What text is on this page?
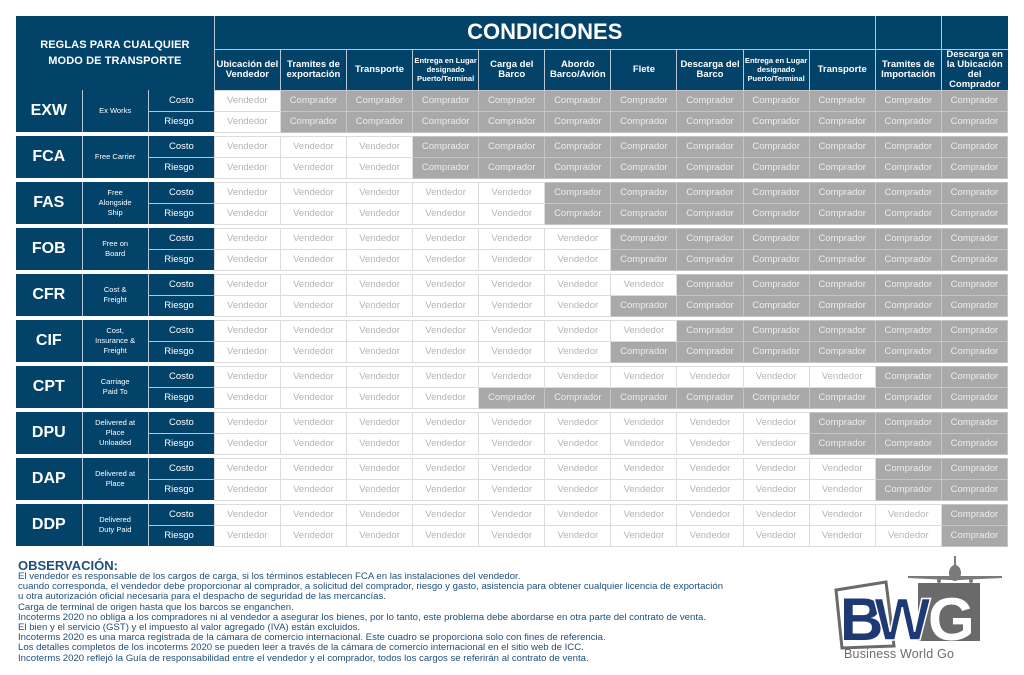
REGLAS PARA CUALQUIER MODO DE TRANSPORTE			CONDICIONES											
			Ubicación del Vendedor	Tramites de exportación	Transporte	Entrega en Lugar designado Puerto/Terminal	Carga del Barco	Abordo Barco/Avión	Flete	Descarga del Barco	Entrega en Lugar designado Puerto/Terminal	Transporte	Tramites de Importación	Descarga en la Ubicación del Comprador
EXW	Ex Works	Costo	Vendedor	Comprador	Comprador	Comprador	Comprador	Comprador	Comprador	Comprador	Comprador	Comprador	Comprador	Comprador
		Riesgo	Vendedor	Comprador	Comprador	Comprador	Comprador	Comprador	Comprador	Comprador	Comprador	Comprador	Comprador	Comprador

FCA	Free Carrier	Costo	Vendedor	Vendedor	Vendedor	Comprador	Comprador	Comprador	Comprador	Comprador	Comprador	Comprador	Comprador	Comprador
		Riesgo	Vendedor	Vendedor	Vendedor	Comprador	Comprador	Comprador	Comprador	Comprador	Comprador	Comprador	Comprador	Comprador

FAS	Free Alongside Ship	Costo	Vendedor	Vendedor	Vendedor	Vendedor	Vendedor	Comprador	Comprador	Comprador	Comprador	Comprador	Comprador	Comprador
		Riesgo	Vendedor	Vendedor	Vendedor	Vendedor	Vendedor	Comprador	Comprador	Comprador	Comprador	Comprador	Comprador	Comprador

FOB	Free on Board	Costo	Vendedor	Vendedor	Vendedor	Vendedor	Vendedor	Vendedor	Comprador	Comprador	Comprador	Comprador	Comprador	Comprador
		Riesgo	Vendedor	Vendedor	Vendedor	Vendedor	Vendedor	Vendedor	Comprador	Comprador	Comprador	Comprador	Comprador	Comprador

CFR	Cost & Freight	Costo	Vendedor	Vendedor	Vendedor	Vendedor	Vendedor	Vendedor	Vendedor	Comprador	Comprador	Comprador	Comprador	Comprador
		Riesgo	Vendedor	Vendedor	Vendedor	Vendedor	Vendedor	Vendedor	Comprador	Comprador	Comprador	Comprador	Comprador	Comprador

CIF	Cost, Insurance & Freight	Costo	Vendedor	Vendedor	Vendedor	Vendedor	Vendedor	Vendedor	Vendedor	Comprador	Comprador	Comprador	Comprador	Comprador
		Riesgo	Vendedor	Vendedor	Vendedor	Vendedor	Vendedor	Vendedor	Comprador	Comprador	Comprador	Comprador	Comprador	Comprador

CPT	Carriage Paid To	Costo	Vendedor	Vendedor	Vendedor	Vendedor	Vendedor	Vendedor	Vendedor	Vendedor	Vendedor	Vendedor	Comprador	Comprador
		Riesgo	Vendedor	Vendedor	Vendedor	Vendedor	Comprador	Comprador	Comprador	Comprador	Comprador	Comprador	Comprador	Comprador

DPU	Delivered at Place Unloaded	Costo	Vendedor	Vendedor	Vendedor	Vendedor	Vendedor	Vendedor	Vendedor	Vendedor	Vendedor	Comprador	Comprador	Comprador
		Riesgo	Vendedor	Vendedor	Vendedor	Vendedor	Vendedor	Vendedor	Vendedor	Vendedor	Vendedor	Comprador	Comprador	Comprador

DAP	Delivered at Place	Costo	Vendedor	Vendedor	Vendedor	Vendedor	Vendedor	Vendedor	Vendedor	Vendedor	Vendedor	Vendedor	Comprador	Comprador
		Riesgo	Vendedor	Vendedor	Vendedor	Vendedor	Vendedor	Vendedor	Vendedor	Vendedor	Vendedor	Vendedor	Comprador	Comprador

DDP	Delivered Duty Paid	Costo	Vendedor	Vendedor	Vendedor	Vendedor	Vendedor	Vendedor	Vendedor	Vendedor	Vendedor	Vendedor	Vendedor	Comprador
		Riesgo	Vendedor	Vendedor	Vendedor	Vendedor	Vendedor	Vendedor	Vendedor	Vendedor	Vendedor	Vendedor	Vendedor	Comprador
OBSERVACIÓN:
El vendedor es responsable de los cargos de carga, si los términos establecen FCA en las instalaciones del vendedor.
cuando corresponda, el vendedor debe proporcionar al comprador, a solicitud del comprador, riesgo y gasto, asistencia para obtener cualquier licencia de exportación
u otra autorización oficial necesaria para el despacho de seguridad de las mercancías.
Carga de terminal de origen hasta que los barcos se enganchen.
Incoterms 2020 no obliga a los compradores ni al vendedor a asegurar los bienes, por lo tanto, este problema debe abordarse en otra parte del contrato de venta.
El bien y el servicio (GST) y el impuesto al valor agregado (IVA) están excluidos.
Incoterms 2020 es una marca registrada de la cámara de comercio internacional. Este cuadro se proporciona solo con fines de referencia.
Los detalles completos de los incoterms 2020 se pueden leer a través de la cámara de comercio internacional en el sitio web de ICC.
Incoterms 2020 reflejó la Guía de responsabilidad entre el vendedor y el comprador, todos los cargos se referirán al contrato de venta.
B
W
G
Business World Go
